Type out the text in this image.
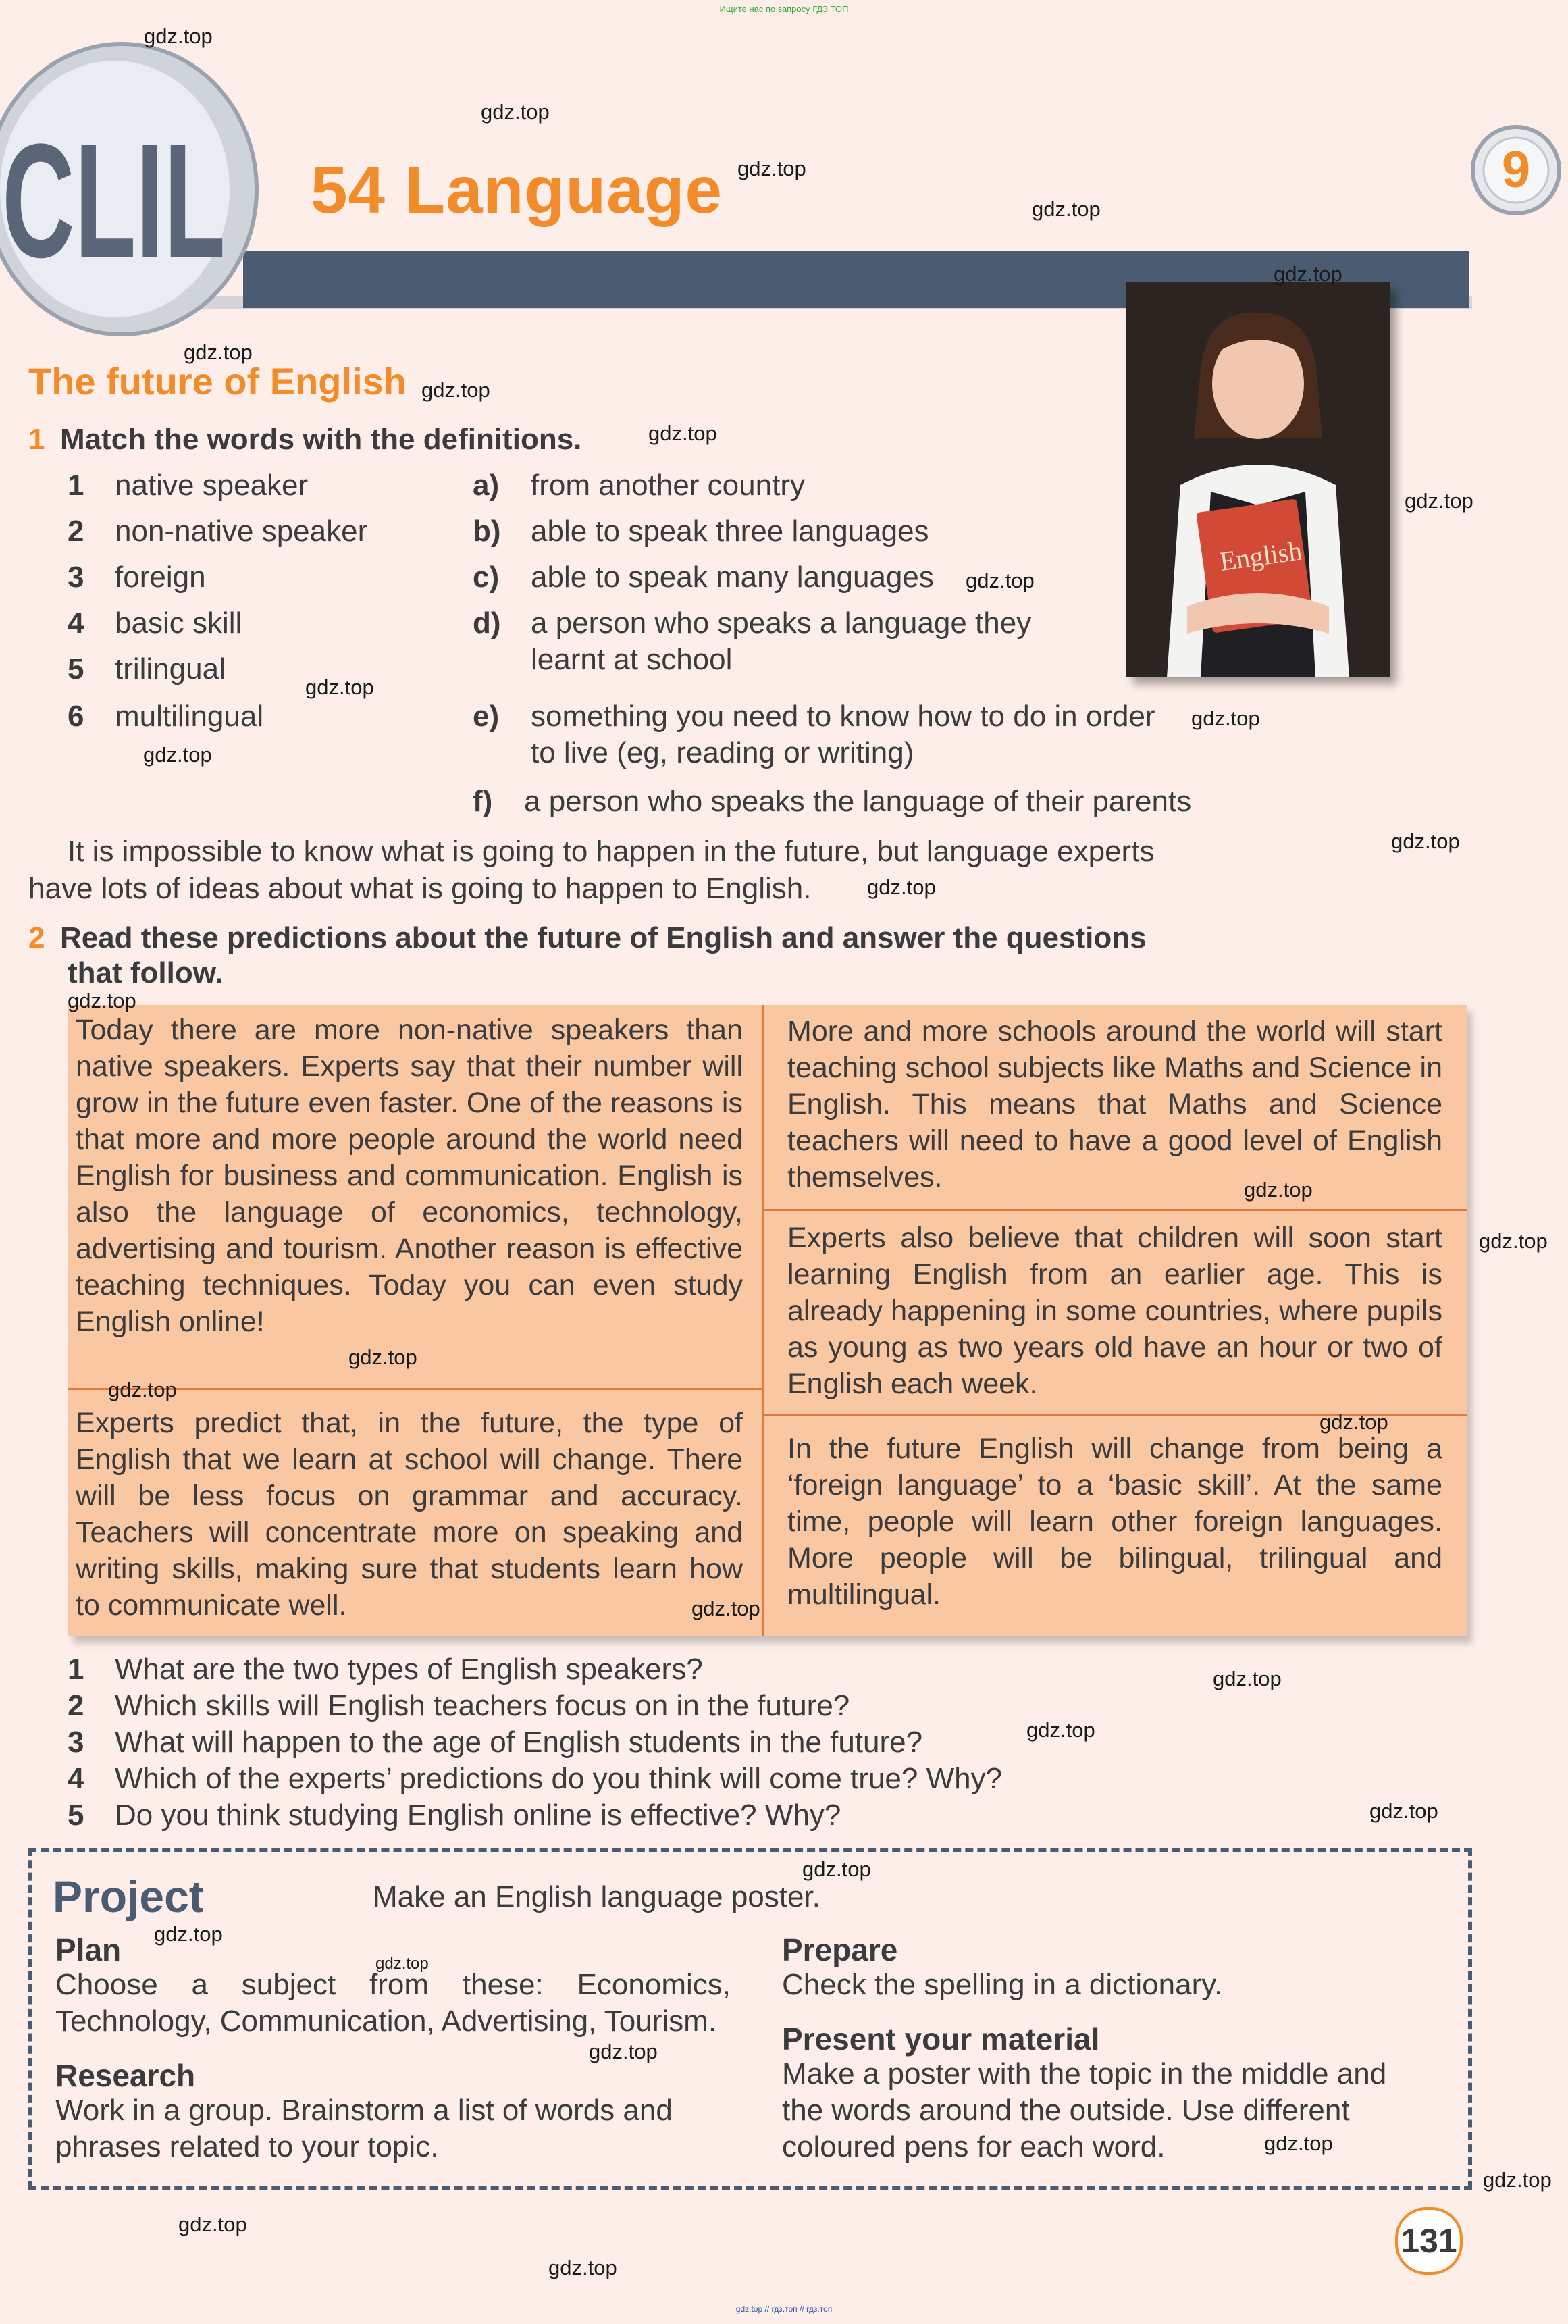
Ищите нас по запросу ГДЗ ТОП
CLIL 54 Language	9
English
The future of English
1 Match the words with the definitions.
1 native speaker
2 non-native speaker
3 foreign
4 basic skill
5 trilingual
6 multilingual
a) from another country
b) able to speak three languages
c) able to speak many languages
d) a person who speaks a language they
learnt at school
e) something you need to know how to do in order
to live (eg, reading or writing)
f) a person who speaks the language of their parents
It is impossible to know what is going to happen in the future, but language experts
have lots of ideas about what is going to happen to English.
2 Read these predictions about the future of English and answer the questions
that follow.
Today there are more non-native speakers than native speakers. Experts say that their number will grow in the future even faster. One of the reasons is that more and more people around the world need English for business and communication. English is also the language of economics, technology, advertising and tourism. Another reason is effective teaching techniques. Today you can even study English online!
Experts predict that, in the future, the type of English that we learn at school will change. There will be less focus on grammar and accuracy. Teachers will concentrate more on speaking and writing skills, making sure that students learn how to communicate well.
More and more schools around the world will start teaching school subjects like Maths and Science in English. This means that Maths and Science teachers will need to have a good level of English themselves.
Experts also believe that children will soon start learning English from an earlier age. This is already happening in some countries, where pupils as young as two years old have an hour or two of English each week.
In the future English will change from being a ‘foreign language’ to a ‘basic skill’. At the same time, people will learn other foreign languages. More people will be bilingual, trilingual and multilingual.
1 What are the two types of English speakers?
2 Which skills will English teachers focus on in the future?
3 What will happen to the age of English students in the future?
4 Which of the experts’ predictions do you think will come true? Why?
5 Do you think studying English online is effective? Why?
Project	Make an English language poster.
Plan
Choose a subject from these: Economics,
Technology, Communication, Advertising, Tourism.
Research
Work in a group. Brainstorm a list of words and
phrases related to your topic.
Prepare
Check the spelling in a dictionary.
Present your material
Make a poster with the topic in the middle and
the words around the outside. Use different
coloured pens for each word.
131
gdz.top
gdz.top
gdz.top
gdz.top
gdz.top
gdz.top
gdz.top
gdz.top
gdz.top
gdz.top
gdz.top
gdz.top
gdz.top
gdz.top
gdz.top
gdz.top
gdz.top
gdz.top
gdz.top
gdz.top
gdz.top
gdz.top
gdz.top
gdz.top
gdz.top
gdz.top
gdz.top
gdz.top
gdz.top
gdz.top
gdz.top
gdz.top
gdz.top
gdz.top // гдз.топ // гдз.топ
